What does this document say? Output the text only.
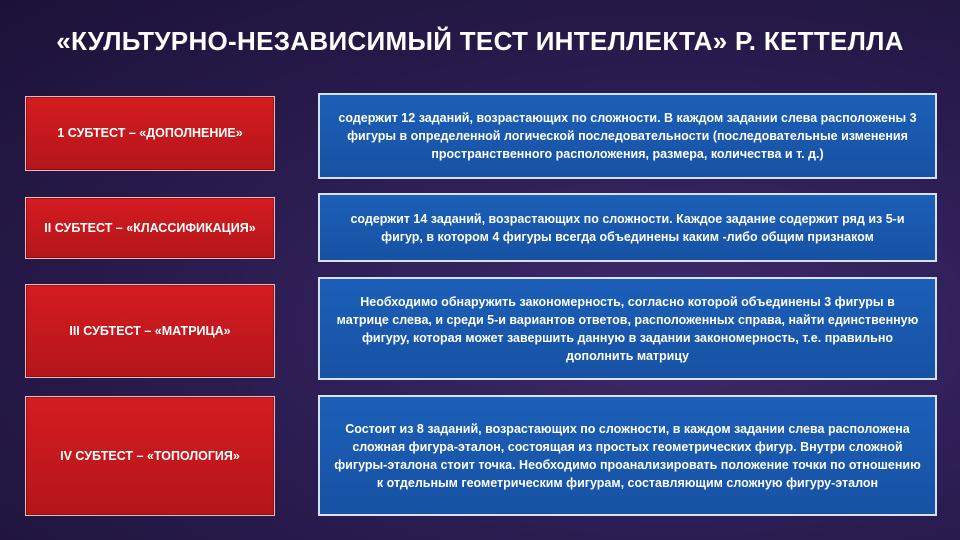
«КУЛЬТУРНО-НЕЗАВИСИМЫЙ ТЕСТ ИНТЕЛЛЕКТА» Р. КЕТТЕЛЛА
1 СУБТЕСТ – «ДОПОЛНЕНИЕ»
содержит 12 заданий, возрастающих по сложности. В каждом задании слева расположены 3 фигуры в определенной логической последовательности (последовательные изменения пространственного расположения, размера, количества и т. д.)
II СУБТЕСТ – «КЛАССИФИКАЦИЯ»
содержит 14 заданий, возрастающих по сложности. Каждое задание содержит ряд из 5-и фигур, в котором 4 фигуры всегда объединены каким -либо общим признаком
III СУБТЕСТ – «МАТРИЦА»
Необходимо обнаружить закономерность, согласно которой объединены 3 фигуры в матрице слева, и среди 5-и вариантов ответов, расположенных справа, найти единственную фигуру, которая может завершить данную в задании закономерность, т.е. правильно дополнить матрицу
IV СУБТЕСТ – «ТОПОЛОГИЯ»
Состоит из 8 заданий, возрастающих по сложности, в каждом задании слева расположена сложная фигура-эталон, состоящая из простых геометрических фигур. Внутри сложной фигуры-эталона стоит точка. Необходимо проанализировать положение точки по отношению к отдельным геометрическим фигурам, составляющим сложную фигуру-эталон
